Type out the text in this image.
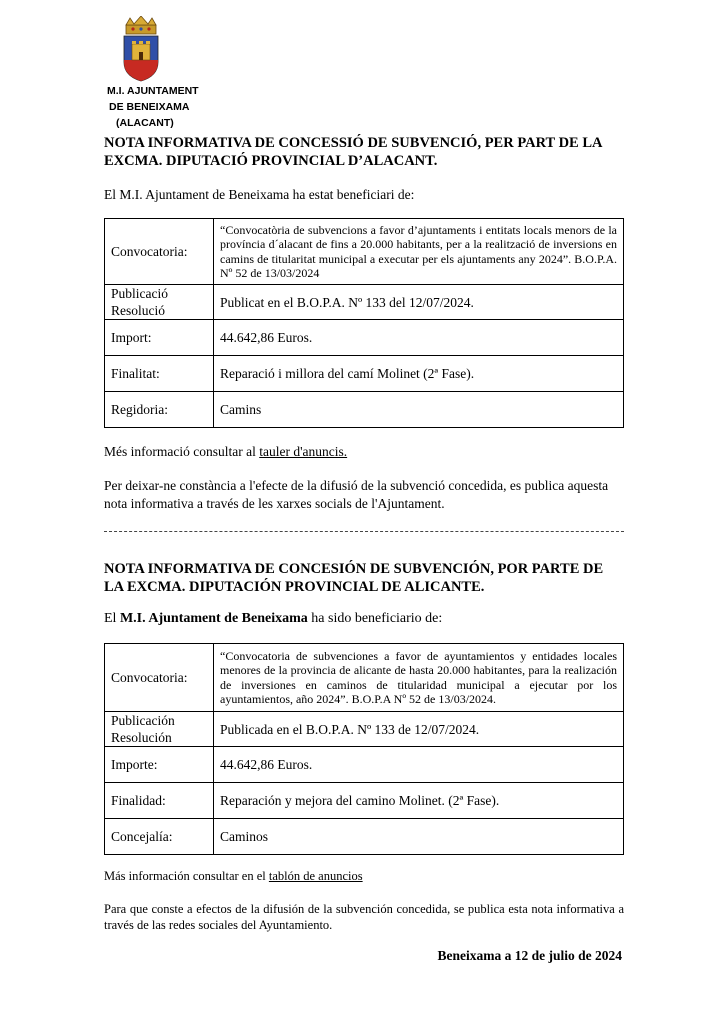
M.I. AJUNTAMENT
DE BENEIXAMA
(ALACANT)

NOTA INFORMATIVA DE CONCESSIÓ DE SUBVENCIÓ, PER PART DE LA EXCMA. DIPUTACIÓ PROVINCIAL D’ALACANT.

El M.I. Ajuntament de Beneixama ha estat beneficiari de:
Convocatoria:	“Convocatòria de subvencions a favor d’ajuntaments i entitats locals menors de la província d´alacant de fins a 20.000 habitants, per a la realització de inversions en camins de titularitat municipal a executar per els ajuntaments any 2024”. B.O.P.A. Nº 52 de 13/03/2024
Publicació Resolució	Publicat en el B.O.P.A. Nº 133 del 12/07/2024.
Import:	44.642,86 Euros.
Finalitat:	Reparació i millora del camí Molinet (2ª Fase).
Regidoria:	Camins
Més informació consultar al tauler d'anuncis.
Per deixar-ne constància a l'efecte de la difusió de la subvenció concedida, es publica aquesta nota informativa a través de les xarxes socials de l'Ajuntament.

NOTA INFORMATIVA DE CONCESIÓN DE SUBVENCIÓN, POR PARTE DE LA EXCMA. DIPUTACIÓN PROVINCIAL DE ALICANTE.

El M.I. Ajuntament de Beneixama ha sido beneficiario de:
Convocatoria:	“Convocatoria de subvenciones a favor de ayuntamientos y entidades locales menores de la provincia de alicante de hasta 20.000 habitantes, para la realización de inversiones en caminos de titularidad municipal a ejecutar por los ayuntamientos, año 2024”. B.O.P.A Nº 52 de 13/03/2024.
Publicación Resolución	Publicada en el B.O.P.A. Nº 133 de 12/07/2024.
Importe:	44.642,86 Euros.
Finalidad:	Reparación y mejora del camino Molinet. (2ª Fase).
Concejalía:	Caminos
Más información consultar en el tablón de anuncios
Para que conste a efectos de la difusión de la subvención concedida, se publica esta nota informativa a través de las redes sociales del Ayuntamiento.
Beneixama a 12 de julio de 2024
